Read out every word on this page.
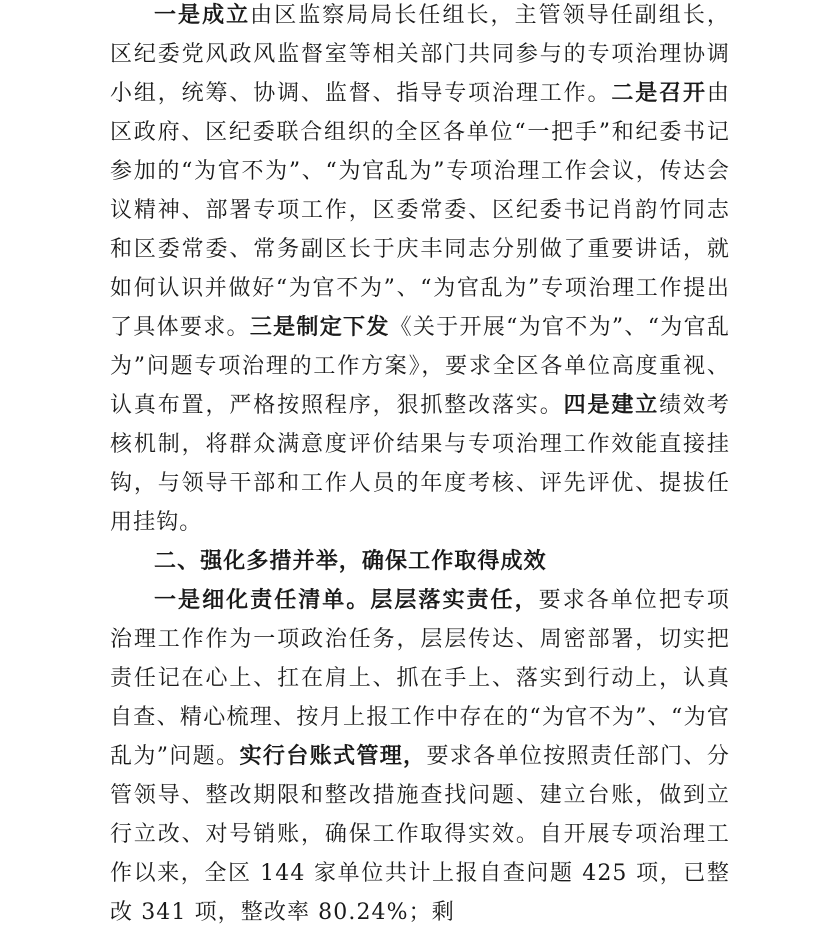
一是成立由区监察局局长任组长，主管领导任副组长，区纪委党风政风监督室等相关部门共同参与的专项治理协调小组，统筹、协调、监督、指导专项治理工作。二是召开由区政府、区纪委联合组织的全区各单位“一把手”和纪委书记参加的“为官不为”、“为官乱为”专项治理工作会议，传达会议精神、部署专项工作，区委常委、区纪委书记肖韵竹同志和区委常委、常务副区长于庆丰同志分别做了重要讲话，就如何认识并做好“为官不为”、“为官乱为”专项治理工作提出了具体要求。三是制定下发《关于开展“为官不为”、“为官乱为”问题专项治理的工作方案》，要求全区各单位高度重视、认真布置，严格按照程序，狠抓整改落实。四是建立绩效考核机制，将群众满意度评价结果与专项治理工作效能直接挂钩，与领导干部和工作人员的年度考核、评先评优、提拔任用挂钩。

二、强化多措并举，确保工作取得成效

一是细化责任清单。层层落实责任，要求各单位把专项治理工作作为一项政治任务，层层传达、周密部署，切实把责任记在心上、扛在肩上、抓在手上、落实到行动上，认真自查、精心梳理、按月上报工作中存在的“为官不为”、“为官乱为”问题。实行台账式管理，要求各单位按照责任部门、分管领导、整改期限和整改措施查找问题、建立台账，做到立行立改、对号销账，确保工作取得实效。自开展专项治理工作以来，全区 144 家单位共计上报自查问题 425 项，已整改 341 项，整改率 80.24%；剩
